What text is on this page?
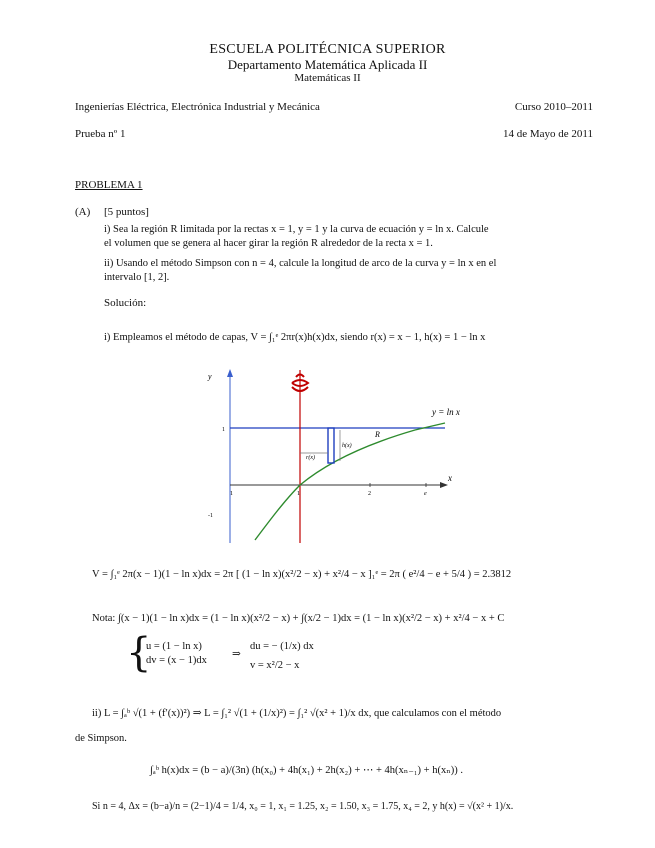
ESCUELA POLITÉCNICA SUPERIOR
Departamento Matemática Aplicada II
Matemáticas II
Ingenierías Eléctrica, Electrónica Industrial y Mecánica	Curso 2010–2011
Prueba nº 1	14 de Mayo de 2011
PROBLEMA 1
(A) [5 puntos]
i) Sea la región R limitada por la rectas x = 1, y = 1 y la curva de ecuación y = ln x. Calcule
el volumen que se genera al hacer girar la región R alrededor de la recta x = 1.
ii) Usando el método Simpson con n = 4, calcule la longitud de arco de la curva y = ln x en el
intervalo [1, 2].
Solución:
i) Empleamos el método de capas, V = ∫₁ᵉ 2πr(x)h(x)dx, siendo r(x) = x − 1, h(x) = 1 − ln x
y
x
y = ln x
R
r(x)
h(x)
1
1	2	e
1
-1
V = ∫₁ᵉ 2π(x − 1)(1 − ln x)dx = 2π [ (1 − ln x)(x²/2 − x) + x²/4 − x ]₁ᵉ = 2π ( e²/4 − e + 5/4 ) = 2.3812
Nota: ∫(x − 1)(1 − ln x)dx = (1 − ln x)(x²/2 − x) + ∫(x/2 − 1)dx = (1 − ln x)(x²/2 − x) + x²/4 − x + C
{
u = (1 − ln x)
dv = (x − 1)dx
⇒
du = − (1/x) dx
v = x²/2 − x
ii) L = ∫ₐᵇ √(1 + (f′(x))²) ⇒ L = ∫₁² √(1 + (1/x)²) = ∫₁² √(x² + 1)/x dx, que calculamos con el método
de Simpson.
∫ₐᵇ h(x)dx = (b − a)/(3n) (h(x₀) + 4h(x₁) + 2h(x₂) + ⋯ + 4h(xₙ₋₁) + h(xₙ)) .
Si n = 4, Δx = (b−a)/n = (2−1)/4 = 1/4, x₀ = 1, x₁ = 1.25, x₂ = 1.50, x₃ = 1.75, x₄ = 2, y h(x) = √(x² + 1)/x.
